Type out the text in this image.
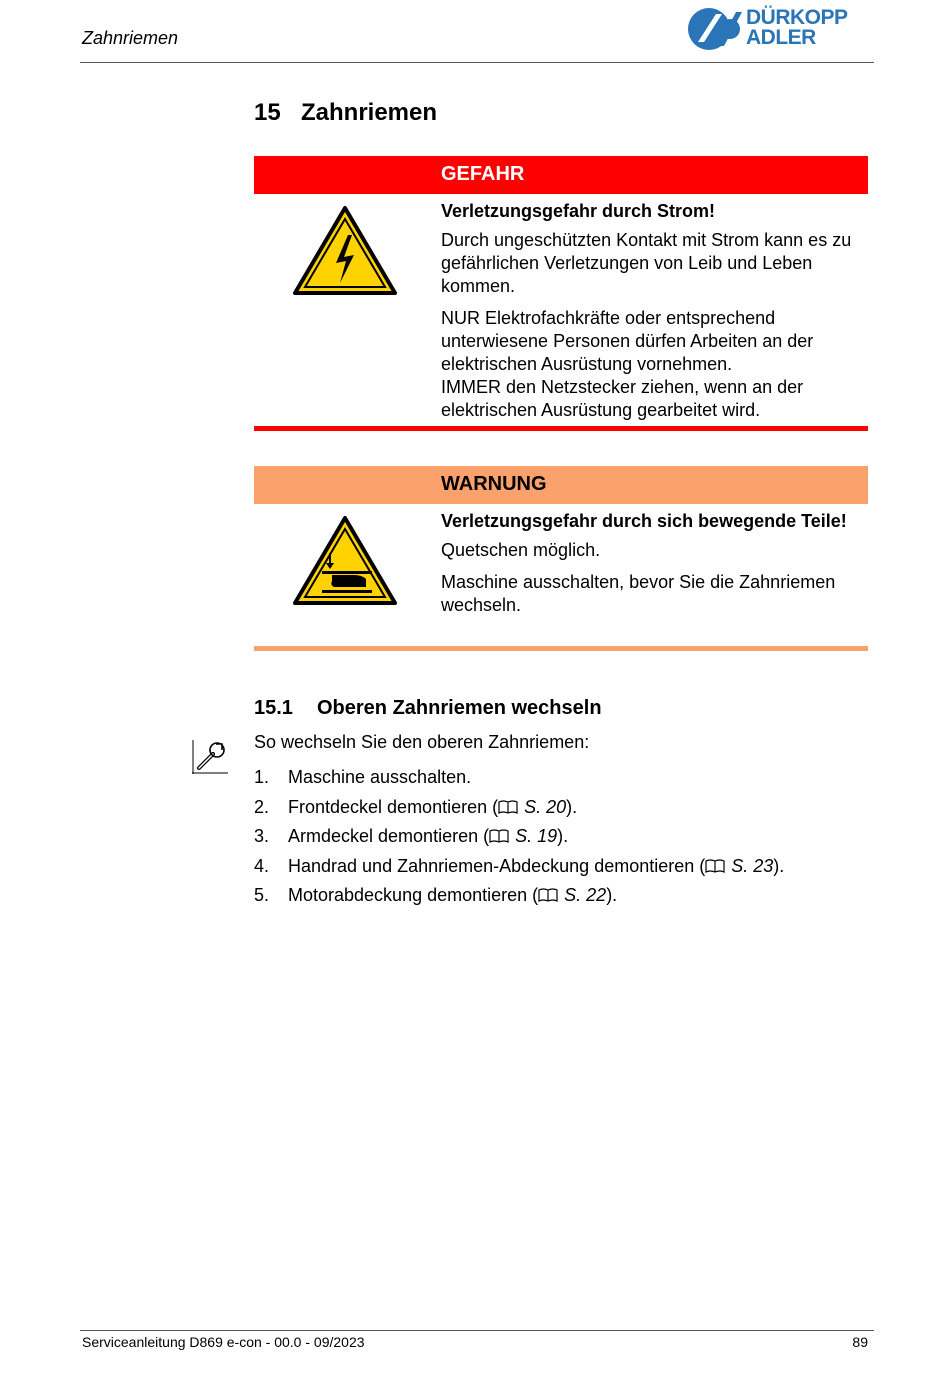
Zahnriemen
DÜRKOPP
ADLER
15 Zahnriemen
GEFAHR
Verletzungsgefahr durch Strom!
Durch ungeschützten Kontakt mit Strom kann es zu gefährlichen Verletzungen von Leib und Leben kommen.
NUR Elektrofachkräfte oder entsprechend unterwiesene Personen dürfen Arbeiten an der elektrischen Ausrüstung vornehmen.
IMMER den Netzstecker ziehen, wenn an der elektrischen Ausrüstung gearbeitet wird.
WARNUNG
Verletzungsgefahr durch sich bewegende Teile!
Quetschen möglich.
Maschine ausschalten, bevor Sie die Zahnriemen wechseln.
15.1 Oberen Zahnriemen wechseln
So wechseln Sie den oberen Zahnriemen:
1. Maschine ausschalten.
2. Frontdeckel demontieren ( S. 20).
3. Armdeckel demontieren ( S. 19).
4. Handrad und Zahnriemen-Abdeckung demontieren ( S. 23).
5. Motorabdeckung demontieren ( S. 22).
Serviceanleitung D869 e-con - 00.0 - 09/2023	89
